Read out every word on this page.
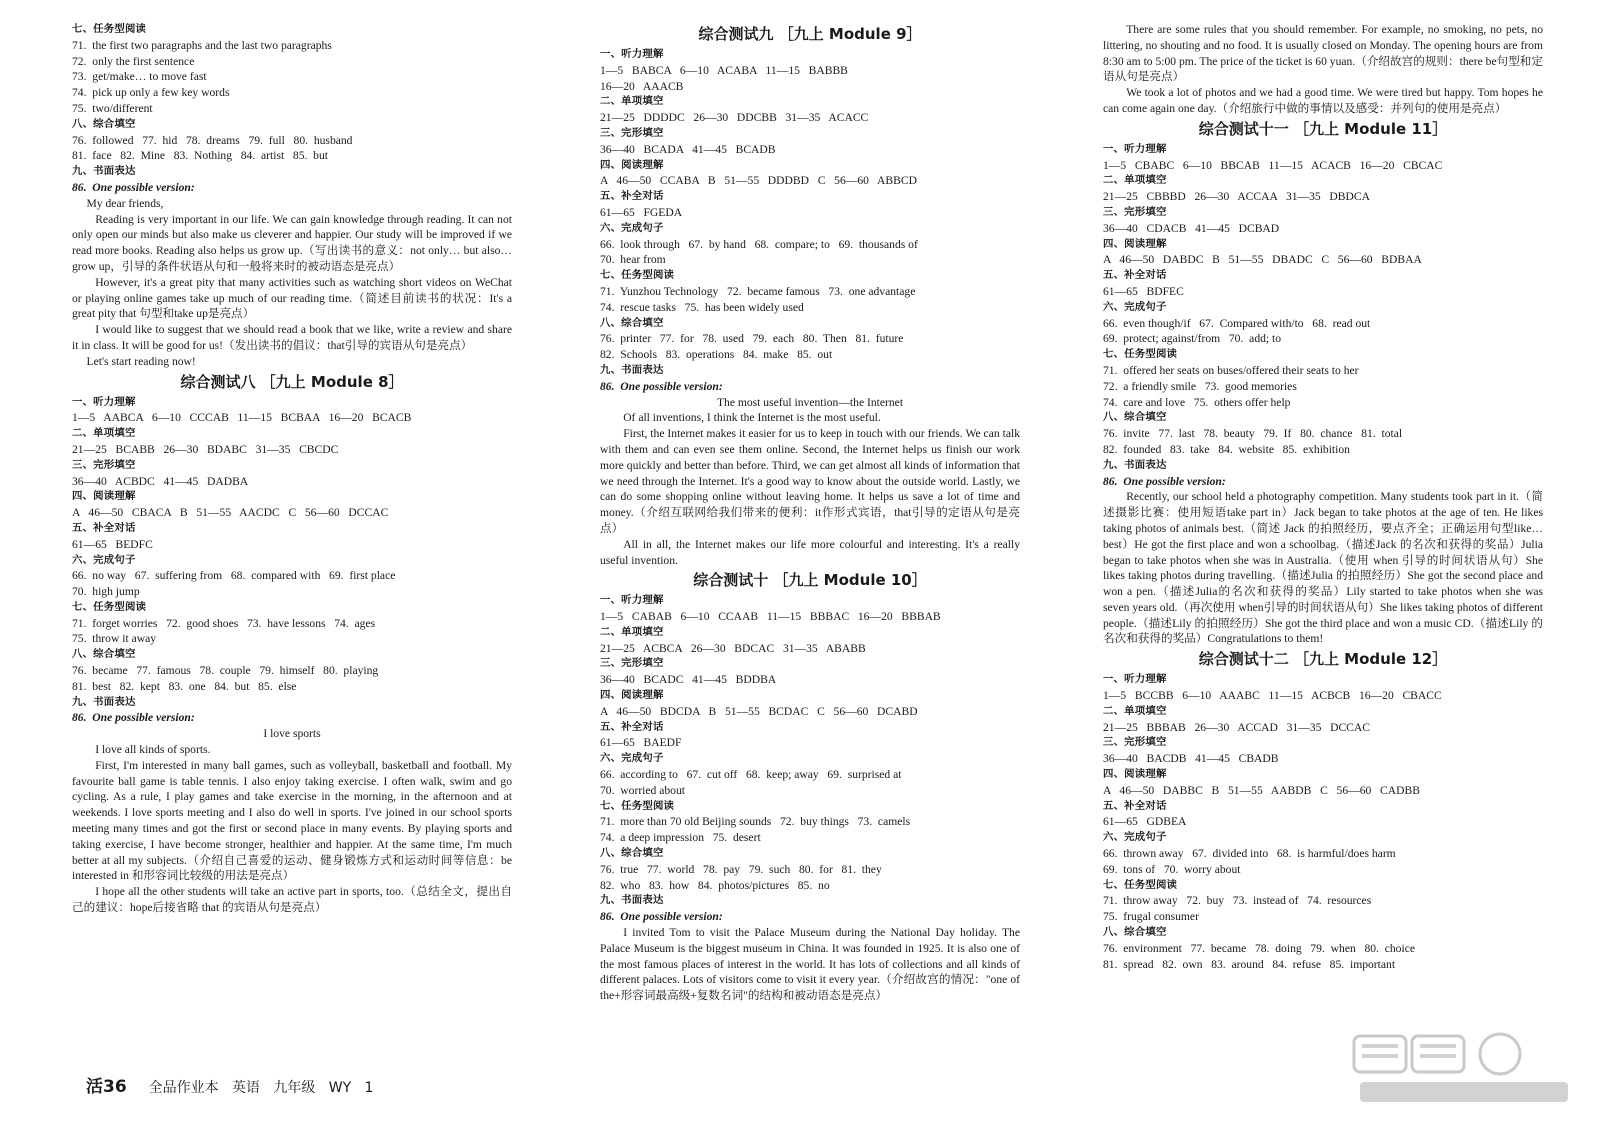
七、任务型阅读
71.  the first two paragraphs and the last two paragraphs
72.  only the first sentence
73.  get/make… to move fast
74.  pick up only a few key words
75.  two/different
八、综合填空
76.  followed   77.  hid   78.  dreams   79.  full   80.  husband
81.  face   82.  Mine   83.  Nothing   84.  artist   85.  but
九、书面表达
86.  One possible version:
My dear friends,
Reading is very important in our life. We can gain knowledge through reading. It can not only open our minds but also make us cleverer and happier. Our study will be improved if we read more books. Reading also helps us grow up.（写出读书的意义：not only… but also… grow up，引导的条件状语从句和一般将来时的被动语态是亮点）
However, it's a great pity that many activities such as watching short videos on WeChat or playing online games take up much of our reading time.（简述目前读书的状况：It's a great pity that 句型和take up是亮点）
I would like to suggest that we should read a book that we like, write a review and share it in class. It will be good for us!（发出读书的倡议：that引导的宾语从句是亮点）
Let's start reading now!
综合测试八 ［九上 Module 8］
一、听力理解
1—5   AABCA   6—10   CCCAB   11—15   BCBAA   16—20   BCACB
二、单项填空
21—25   BCABB   26—30   BDABC   31—35   CBCDC
三、完形填空
36—40   ACBDC   41—45   DADBA
四、阅读理解
A   46—50   CBACA   B   51—55   AACDC   C   56—60   DCCAC
五、补全对话
61—65   BEDFC
六、完成句子
66.  no way   67.  suffering from   68.  compared with   69.  first place
70.  high jump
七、任务型阅读
71.  forget worries   72.  good shoes   73.  have lessons   74.  ages
75.  throw it away
八、综合填空
76.  became   77.  famous   78.  couple   79.  himself   80.  playing
81.  best   82.  kept   83.  one   84.  but   85.  else
九、书面表达
86.  One possible version:
I love sports
I love all kinds of sports.
First, I'm interested in many ball games, such as volleyball, basketball and football. My favourite ball game is table tennis. I also enjoy taking exercise. I often walk, swim and go cycling. As a rule, I play games and take exercise in the morning, in the afternoon and at weekends. I love sports meeting and I also do well in sports. I've joined in our school sports meeting many times and got the first or second place in many events. By playing sports and taking exercise, I have become stronger, healthier and happier. At the same time, I'm much better at all my subjects.（介绍自己喜爱的运动、健身锻炼方式和运动时间等信息：be interested in 和形容词比较级的用法是亮点）
I hope all the other students will take an active part in sports, too.（总结全文，提出自己的建议：hope后接省略 that 的宾语从句是亮点）
综合测试九 ［九上 Module 9］
一、听力理解
1—5   BABCA   6—10   ACABA   11—15   BABBB
16—20   AAACB
二、单项填空
21—25   DDDDC   26—30   DDCBB   31—35   ACACC
三、完形填空
36—40   BCADA   41—45   BCADB
四、阅读理解
A   46—50   CCABA   B   51—55   DDDBD   C   56—60   ABBCD
五、补全对话
61—65   FGEDA
六、完成句子
66.  look through   67.  by hand   68.  compare; to   69.  thousands of
70.  hear from
七、任务型阅读
71.  Yunzhou Technology   72.  became famous   73.  one advantage
74.  rescue tasks   75.  has been widely used
八、综合填空
76.  printer   77.  for   78.  used   79.  each   80.  Then   81.  future
82.  Schools   83.  operations   84.  make   85.  out
九、书面表达
86.  One possible version:
The most useful invention—the Internet
Of all inventions, I think the Internet is the most useful.
First, the Internet makes it easier for us to keep in touch with our friends. We can talk with them and can even see them online. Second, the Internet helps us finish our work more quickly and better than before. Third, we can get almost all kinds of information that we need through the Internet. It's a good way to know about the outside world. Lastly, we can do some shopping online without leaving home. It helps us save a lot of time and money.（介绍互联网给我们带来的便利：it作形式宾语，that引导的定语从句是亮点）
All in all, the Internet makes our life more colourful and interesting. It's a really useful invention.
综合测试十 ［九上 Module 10］
一、听力理解
1—5   CABAB   6—10   CCAAB   11—15   BBBAC   16—20   BBBAB
二、单项填空
21—25   ACBCA   26—30   BDCAC   31—35   ABABB
三、完形填空
36—40   BCADC   41—45   BDDBA
四、阅读理解
A   46—50   BDCDA   B   51—55   BCDAC   C   56—60   DCABD
五、补全对话
61—65   BAEDF
六、完成句子
66.  according to   67.  cut off   68.  keep; away   69.  surprised at
70.  worried about
七、任务型阅读
71.  more than 70 old Beijing sounds   72.  buy things   73.  camels
74.  a deep impression   75.  desert
八、综合填空
76.  true   77.  world   78.  pay   79.  such   80.  for   81.  they
82.  who   83.  how   84.  photos/pictures   85.  no
九、书面表达
86.  One possible version:
I invited Tom to visit the Palace Museum during the National Day holiday. The Palace Museum is the biggest museum in China. It was founded in 1925. It is also one of the most famous places of interest in the world. It has lots of collections and all kinds of different palaces. Lots of visitors come to visit it every year.（介绍故宫的情况："one of the+形容词最高级+复数名词"的结构和被动语态是亮点）
There are some rules that you should remember. For example, no smoking, no pets, no littering, no shouting and no food. It is usually closed on Monday. The opening hours are from 8:30 am to 5:00 pm. The price of the ticket is 60 yuan.（介绍故宫的规则：there be句型和定语从句是亮点）
We took a lot of photos and we had a good time. We were tired but happy. Tom hopes he can come again one day.（介绍旅行中做的事情以及感受：并列句的使用是亮点）
综合测试十一 ［九上 Module 11］
一、听力理解
1—5   CBABC   6—10   BBCAB   11—15   ACACB   16—20   CBCAC
二、单项填空
21—25   CBBBD   26—30   ACCAA   31—35   DBDCA
三、完形填空
36—40   CDACB   41—45   DCBAD
四、阅读理解
A   46—50   DABDC   B   51—55   DBADC   C   56—60   BDBAA
五、补全对话
61—65   BDFEC
六、完成句子
66.  even though/if   67.  Compared with/to   68.  read out
69.  protect; against/from   70.  add; to
七、任务型阅读
71.  offered her seats on buses/offered their seats to her
72.  a friendly smile   73.  good memories
74.  care and love   75.  others offer help
八、综合填空
76.  invite   77.  last   78.  beauty   79.  If   80.  chance   81.  total
82.  founded   83.  take   84.  website   85.  exhibition
九、书面表达
86.  One possible version:
Recently, our school held a photography competition. Many students took part in it.（简述摄影比赛：使用短语take part in）Jack began to take photos at the age of ten. He likes taking photos of animals best.（简述 Jack 的拍照经历，要点齐全；正确运用句型like… best）He got the first place and won a schoolbag.（描述Jack 的名次和获得的奖品）Julia began to take photos when she was in Australia.（使用 when 引导的时间状语从句）She likes taking photos during travelling.（描述Julia 的拍照经历）She got the second place and won a pen.（描述Julia的名次和获得的奖品）Lily started to take photos when she was seven years old.（再次使用 when引导的时间状语从句）She likes taking photos of different people.（描述Lily 的拍照经历）She got the third place and won a music CD.（描述Lily 的名次和获得的奖品）Congratulations to them!
综合测试十二 ［九上 Module 12］
一、听力理解
1—5   BCCBB   6—10   AAABC   11—15   ACBCB   16—20   CBACC
二、单项填空
21—25   BBBAB   26—30   ACCAD   31—35   DCCAC
三、完形填空
36—40   BACDB   41—45   CBADB
四、阅读理解
A   46—50   DABBC   B   51—55   AABDB   C   56—60   CADBB
五、补全对话
61—65   GDBEA
六、完成句子
66.  thrown away   67.  divided into   68.  is harmful/does harm
69.  tons of   70.  worry about
七、任务型阅读
71.  throw away   72.  buy   73.  instead of   74.  resources
75.  frugal consumer
八、综合填空
76.  environment   77.  became   78.  doing   79.  when   80.  choice
81.  spread   82.  own   83.  around   84.  refuse   85.  important
活36 全品作业本   英语   九年级   WY   1
